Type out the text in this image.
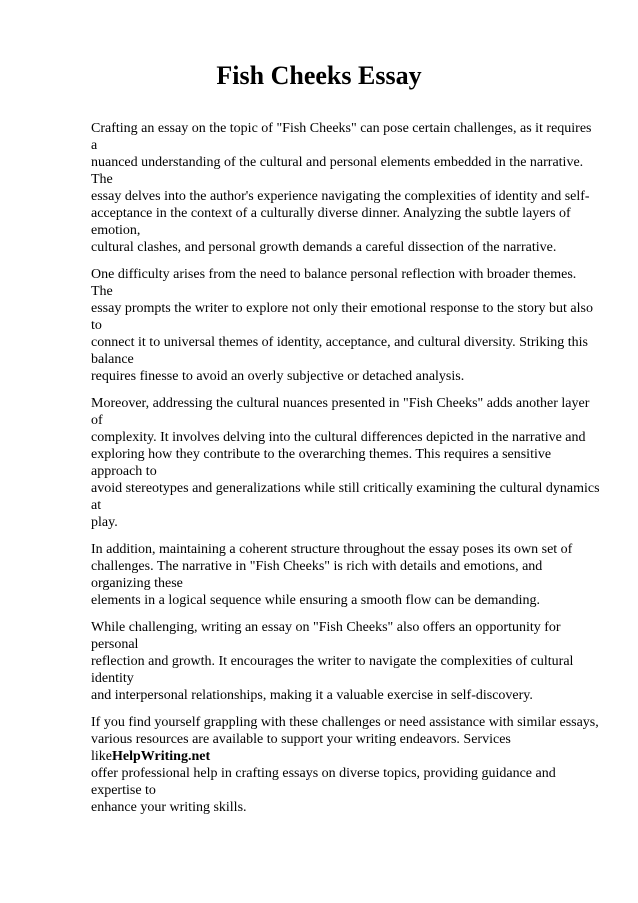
Fish Cheeks Essay

Crafting an essay on the topic of "Fish Cheeks" can pose certain challenges, as it requires a
nuanced understanding of the cultural and personal elements embedded in the narrative. The
essay delves into the author's experience navigating the complexities of identity and self-
acceptance in the context of a culturally diverse dinner. Analyzing the subtle layers of emotion,
cultural clashes, and personal growth demands a careful dissection of the narrative.

One difficulty arises from the need to balance personal reflection with broader themes. The
essay prompts the writer to explore not only their emotional response to the story but also to
connect it to universal themes of identity, acceptance, and cultural diversity. Striking this balance
requires finesse to avoid an overly subjective or detached analysis.

Moreover, addressing the cultural nuances presented in "Fish Cheeks" adds another layer of
complexity. It involves delving into the cultural differences depicted in the narrative and
exploring how they contribute to the overarching themes. This requires a sensitive approach to
avoid stereotypes and generalizations while still critically examining the cultural dynamics at
play.

In addition, maintaining a coherent structure throughout the essay poses its own set of
challenges. The narrative in "Fish Cheeks" is rich with details and emotions, and organizing these
elements in a logical sequence while ensuring a smooth flow can be demanding.

While challenging, writing an essay on "Fish Cheeks" also offers an opportunity for personal
reflection and growth. It encourages the writer to navigate the complexities of cultural identity
and interpersonal relationships, making it a valuable exercise in self-discovery.

If you find yourself grappling with these challenges or need assistance with similar essays,
various resources are available to support your writing endeavors. Services likeHelpWriting.net
offer professional help in crafting essays on diverse topics, providing guidance and expertise to
enhance your writing skills.
